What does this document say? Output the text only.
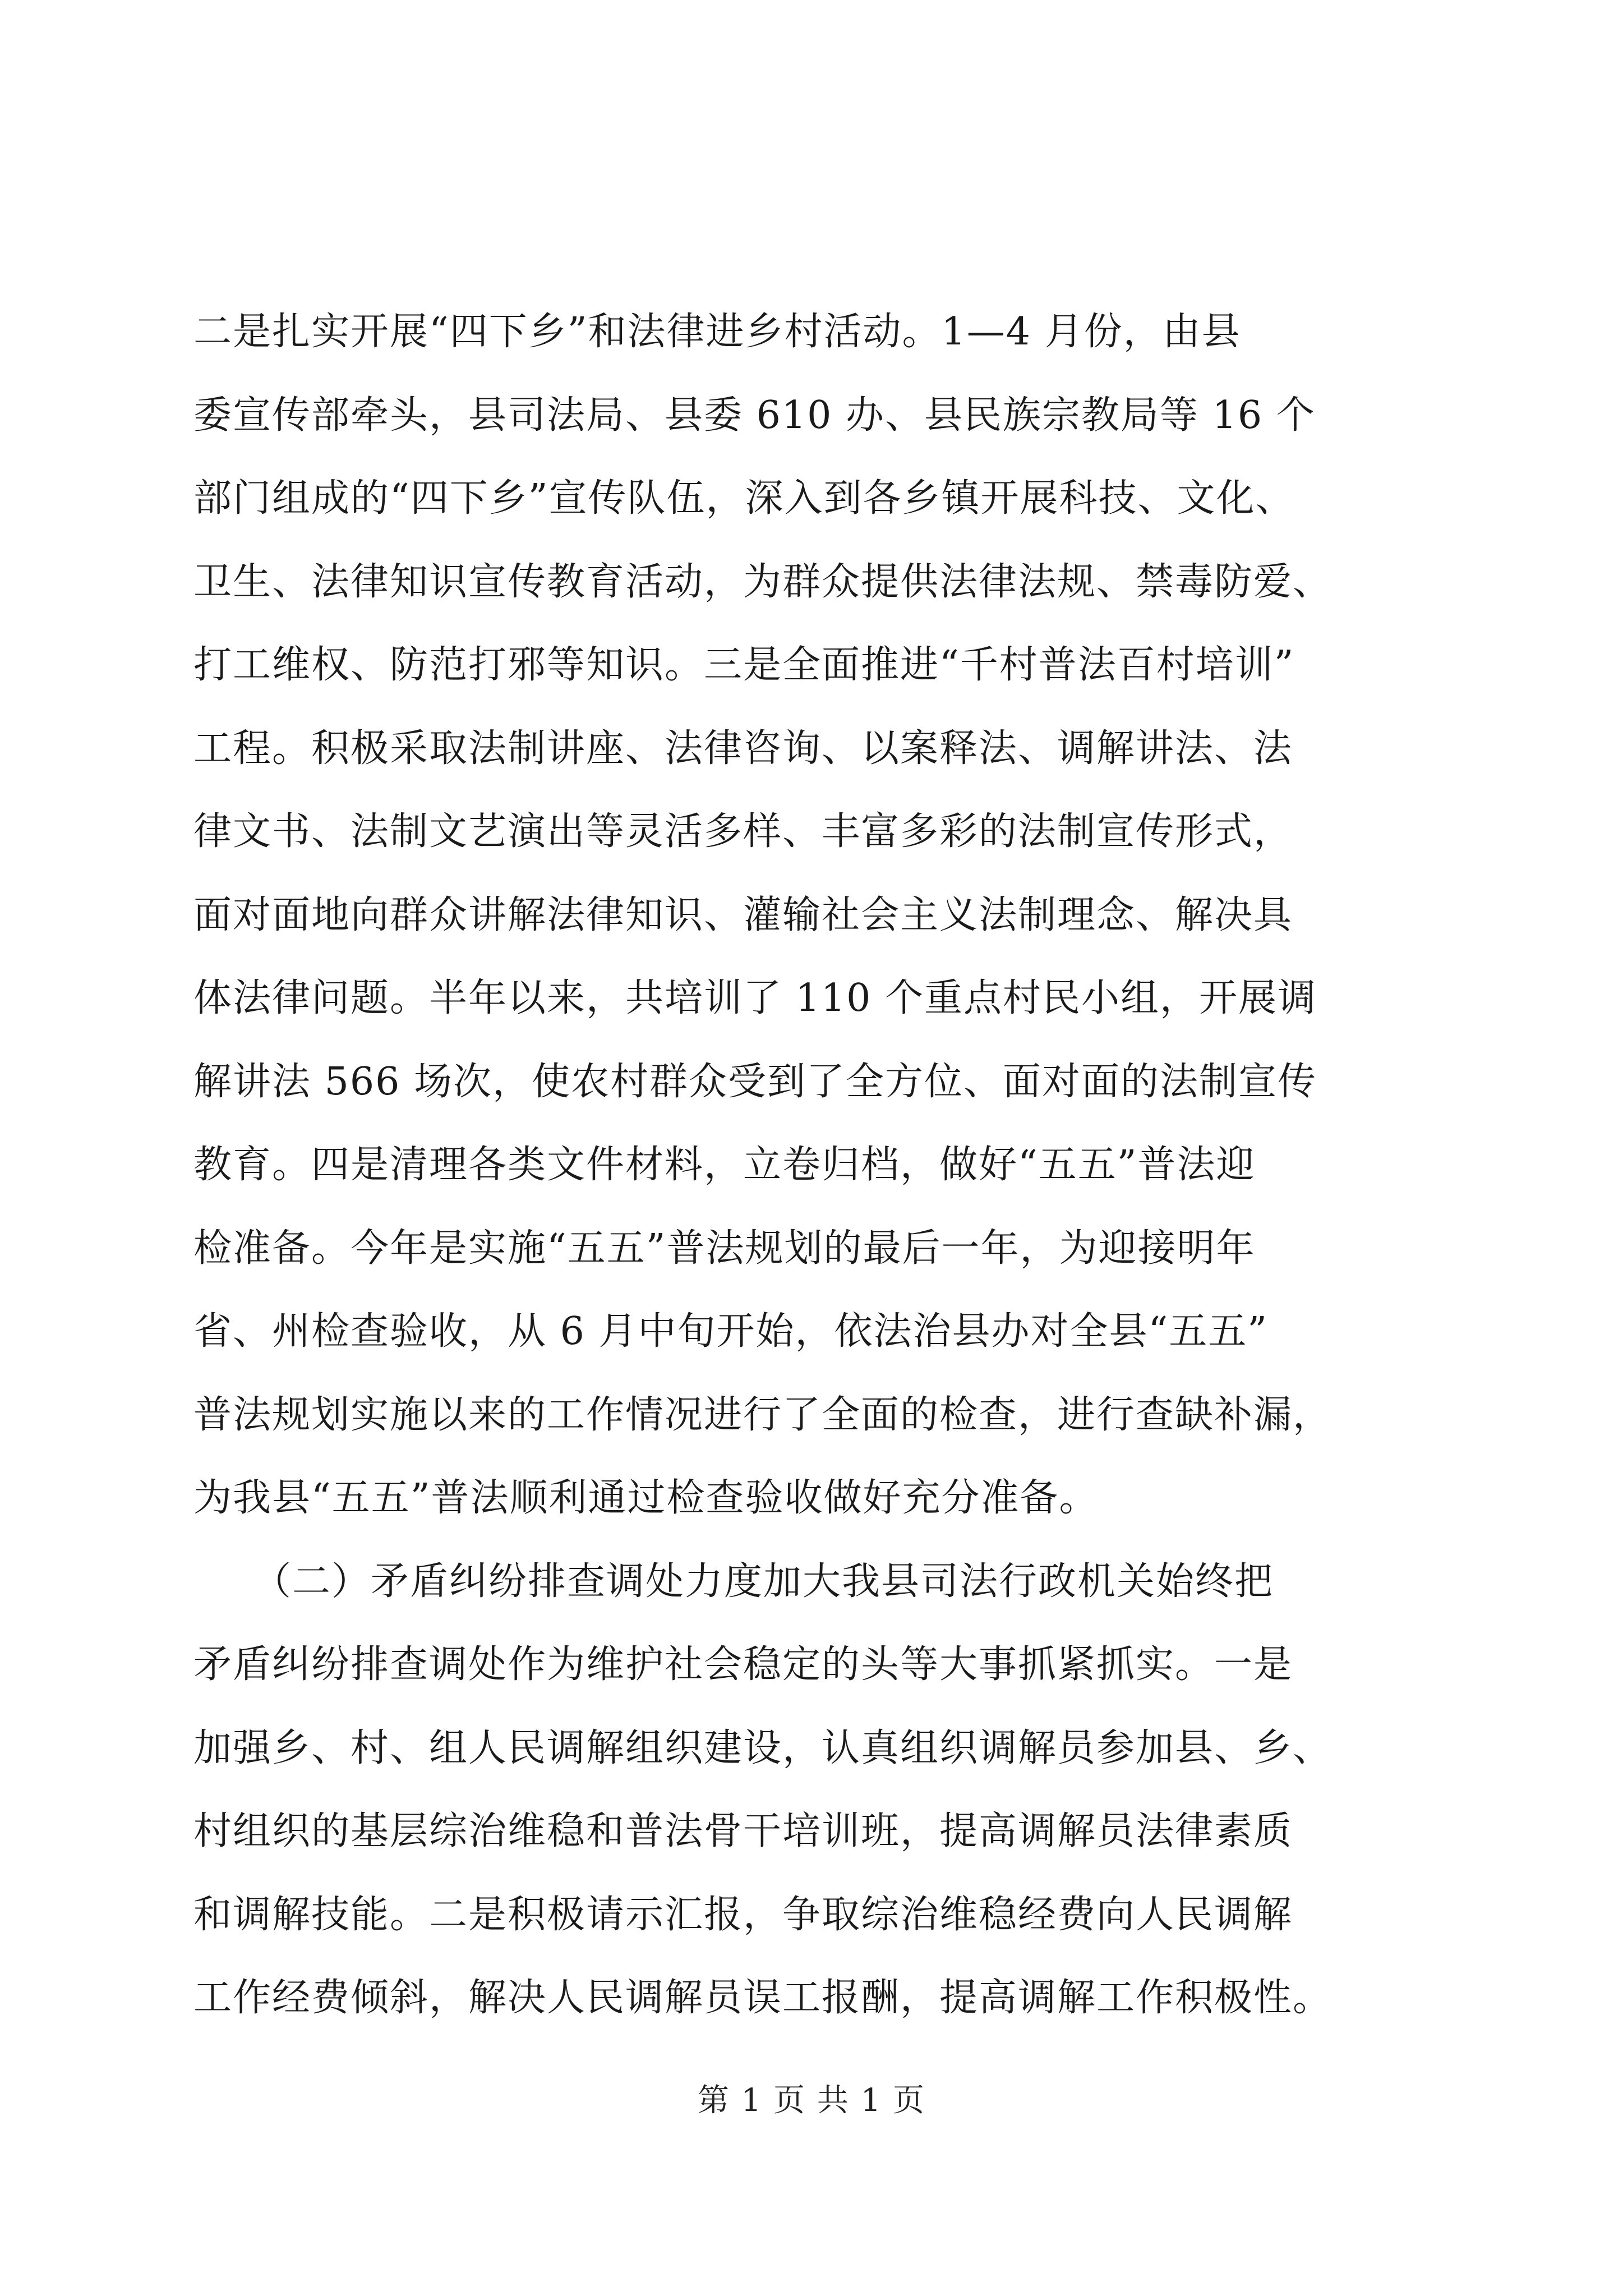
二是扎实开展“四下乡”和法律进乡村活动。1—4 月份，由县
委宣传部牵头，县司法局、县委 610 办、县民族宗教局等 16 个
部门组成的“四下乡”宣传队伍，深入到各乡镇开展科技、文化、
卫生、法律知识宣传教育活动，为群众提供法律法规、禁毒防爱、
打工维权、防范打邪等知识。三是全面推进“千村普法百村培训”
工程。积极采取法制讲座、法律咨询、以案释法、调解讲法、法
律文书、法制文艺演出等灵活多样、丰富多彩的法制宣传形式，
面对面地向群众讲解法律知识、灌输社会主义法制理念、解决具
体法律问题。半年以来，共培训了 110 个重点村民小组，开展调
解讲法 566 场次，使农村群众受到了全方位、面对面的法制宣传
教育。四是清理各类文件材料，立卷归档，做好“五五”普法迎
检准备。今年是实施“五五”普法规划的最后一年，为迎接明年
省、州检查验收，从 6 月中旬开始，依法治县办对全县“五五”
普法规划实施以来的工作情况进行了全面的检查，进行查缺补漏，
为我县“五五”普法顺利通过检查验收做好充分准备。
　　（二）矛盾纠纷排查调处力度加大我县司法行政机关始终把
矛盾纠纷排查调处作为维护社会稳定的头等大事抓紧抓实。一是
加强乡、村、组人民调解组织建设，认真组织调解员参加县、乡、
村组织的基层综治维稳和普法骨干培训班，提高调解员法律素质
和调解技能。二是积极请示汇报，争取综治维稳经费向人民调解
工作经费倾斜，解决人民调解员误工报酬，提高调解工作积极性。
第 1 页 共 1 页
